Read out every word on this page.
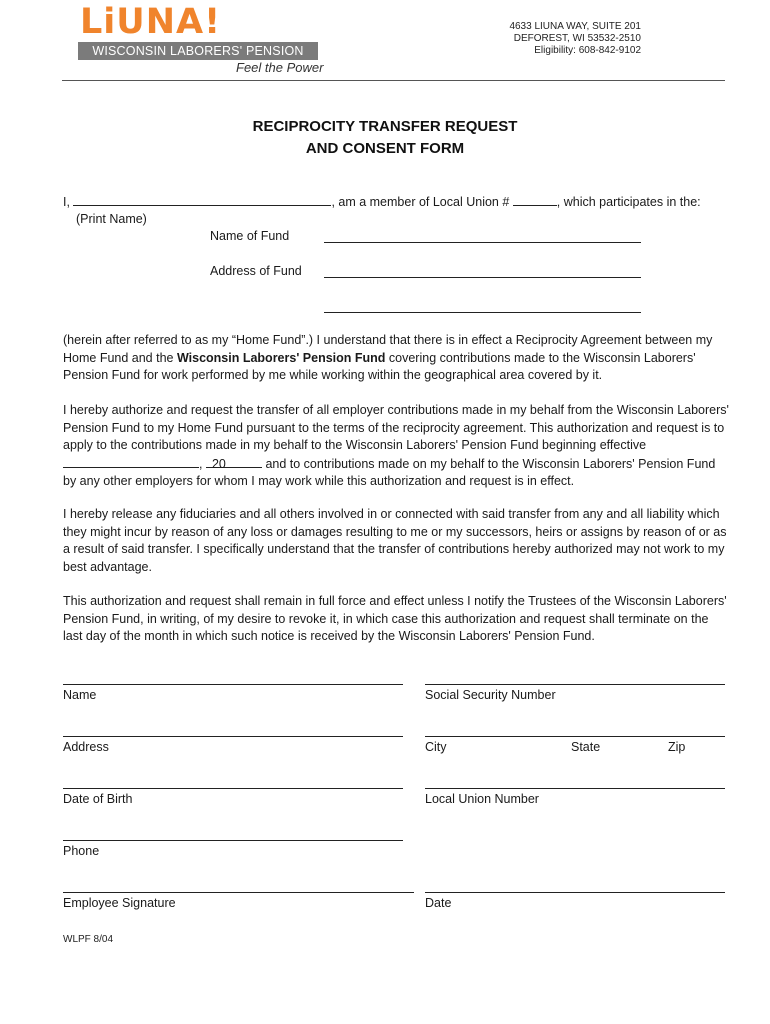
LiUNA!
WISCONSIN LABORERS' PENSION FUND	Feel the Power
4633 LIUNA WAY, SUITE 201
DEFOREST, WI 53532-2510
Eligibility: 608-842-9102
RECIPROCITY TRANSFER REQUEST
AND CONSENT FORM
I,	, am a member of Local Union #	, which participates in the:
(Print Name)
Name of Fund
Address of Fund
(herein after referred to as my “Home Fund”.) I understand that there is in effect a Reciprocity Agreement between my Home Fund and the Wisconsin Laborers' Pension Fund covering contributions made to the Wisconsin Laborers' Pension Fund for work performed by me while working within the geographical area covered by it.
I hereby authorize and request the transfer of all employer contributions made in my behalf from the Wisconsin Laborers' Pension Fund to my Home Fund pursuant to the terms of the reciprocity agreement. This authorization and request is to apply to the contributions made in my behalf to the Wisconsin Laborers' Pension Fund beginning effective , 20	and to contributions made on my behalf to the Wisconsin Laborers' Pension Fund by any other employers for whom I may work while this authorization and request is in effect.
I hereby release any fiduciaries and all others involved in or connected with said transfer from any and all liability which they might incur by reason of any loss or damages resulting to me or my successors, heirs or assigns by reason of or as a result of said transfer. I specifically understand that the transfer of contributions hereby authorized may not work to my best advantage.
This authorization and request shall remain in full force and effect unless I notify the Trustees of the Wisconsin Laborers' Pension Fund, in writing, of my desire to revoke it, in which case this authorization and request shall terminate on the last day of the month in which such notice is received by the Wisconsin Laborers' Pension Fund.
Name	Social Security Number
Address	City	State	Zip
Date of Birth	Local Union Number
Phone
Employee Signature	Date
WLPF 8/04
